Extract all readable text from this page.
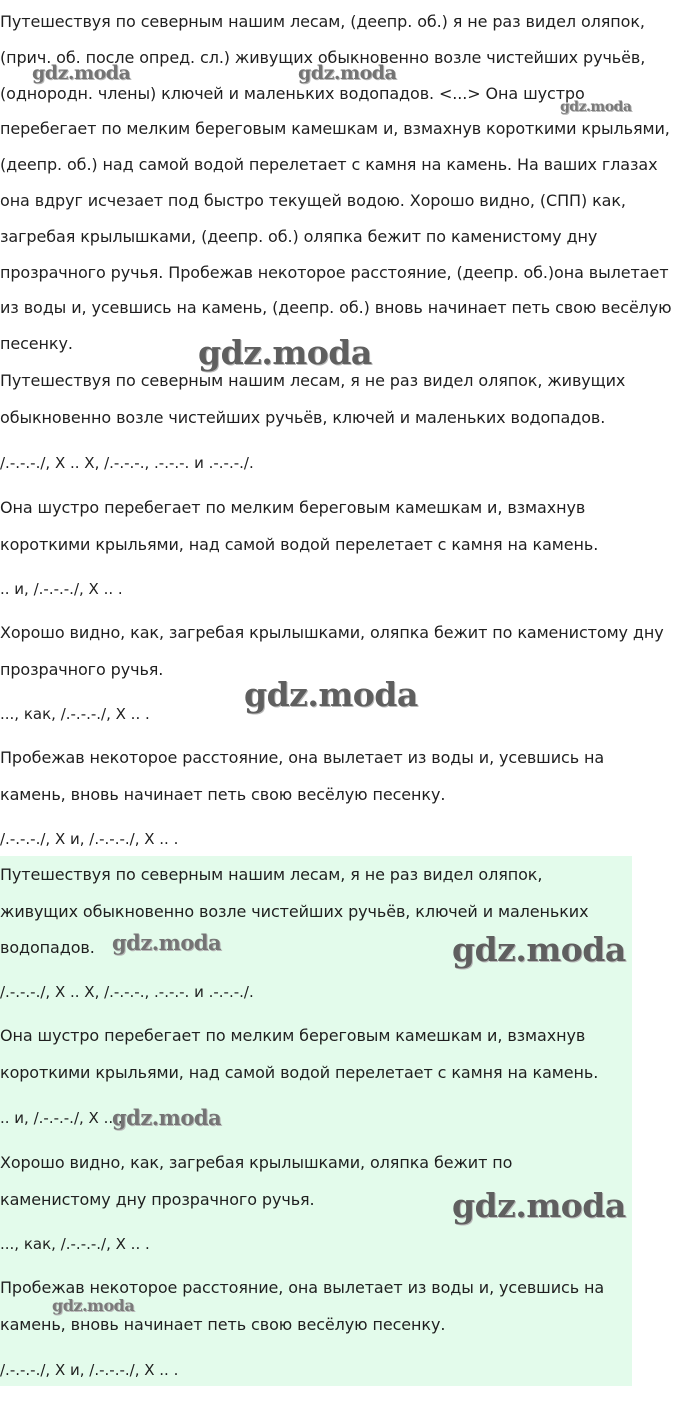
Путешествуя по северным нашим лесам, (деепр. об.) я не раз видел оляпок, (прич. об. после опред. сл.) живущих обыкновенно возле чистейших ручьёв, (однородн. члены) ключей и маленьких водопадов. <...> Она шустро перебегает по мелким береговым камешкам и, взмахнув короткими крыльями, (деепр. об.) над самой водой перелетает с камня на камень. На ваших глазах она вдруг исчезает под быстро текущей водою. Хорошо видно, (СПП) как, загребая крылышками, (деепр. об.) оляпка бежит по каменистому дну прозрачного ручья. Пробежав некоторое расстояние, (деепр. об.)она вылетает из воды и, усевшись на камень, (деепр. об.) вновь начинает петь свою весёлую песенку.

Путешествуя по северным нашим лесам, я не раз видел оляпок, живущих обыкновенно возле чистейших ручьёв, ключей и маленьких водопадов.

/.-.-.-./, X .. X, /.-.-.-., .-.-.-. и .-.-.-./.

Она шустро перебегает по мелким береговым камешкам и, взмахнув короткими крыльями, над самой водой перелетает с камня на камень.

.. и, /.-.-.-./, X .. .

Хорошо видно, как, загребая крылышками, оляпка бежит по каменистому дну прозрачного ручья.

..., как, /.-.-.-./, X .. .

Пробежав некоторое расстояние, она вылетает из воды и, усевшись на камень, вновь начинает петь свою весёлую песенку.

/.-.-.-./, X и, /.-.-.-./, X .. .

Путешествуя по северным нашим лесам, я не раз видел оляпок, живущих обыкновенно возле чистейших ручьёв, ключей и маленьких водопадов.

/.-.-.-./, X .. X, /.-.-.-., .-.-.-. и .-.-.-./.

Она шустро перебегает по мелким береговым камешкам и, взмахнув короткими крыльями, над самой водой перелетает с камня на камень.

.. и, /.-.-.-./, X .. .

Хорошо видно, как, загребая крылышками, оляпка бежит по каменистому дну прозрачного ручья.

..., как, /.-.-.-./, X .. .

Пробежав некоторое расстояние, она вылетает из воды и, усевшись на камень, вновь начинает петь свою весёлую песенку.

/.-.-.-./, X и, /.-.-.-./, X .. .

gdz.moda	gdz.moda
gdz.moda
gdz.moda
gdz.moda
gdz.moda	gdz.moda
gdz.moda
gdz.moda
gdz.moda
